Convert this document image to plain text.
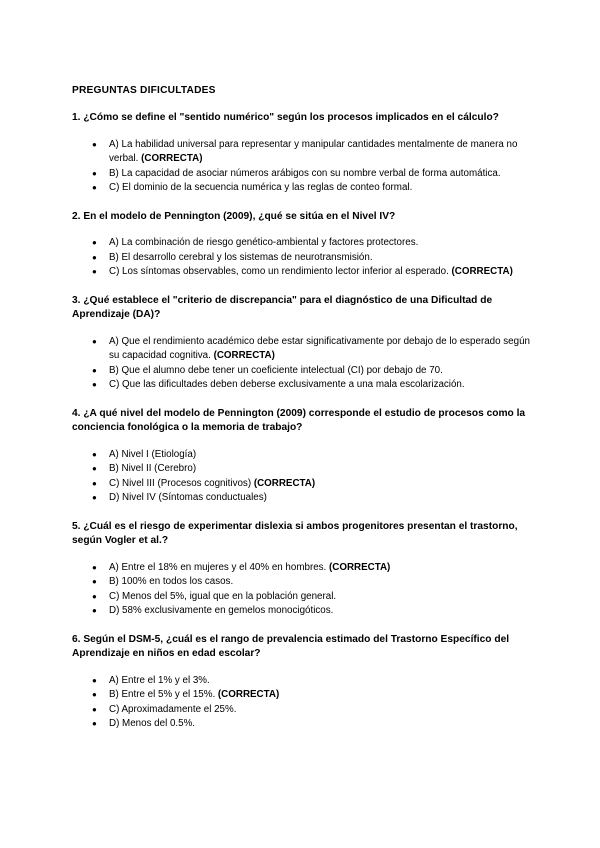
PREGUNTAS DIFICULTADES
1. ¿Cómo se define el "sentido numérico" según los procesos implicados en el cálculo?
● A) La habilidad universal para representar y manipular cantidades mentalmente de manera no verbal. (CORRECTA)
● B) La capacidad de asociar números arábigos con su nombre verbal de forma automática.
● C) El dominio de la secuencia numérica y las reglas de conteo formal.
2. En el modelo de Pennington (2009), ¿qué se sitúa en el Nivel IV?
● A) La combinación de riesgo genético-ambiental y factores protectores.
● B) El desarrollo cerebral y los sistemas de neurotransmisión.
● C) Los síntomas observables, como un rendimiento lector inferior al esperado. (CORRECTA)
3. ¿Qué establece el "criterio de discrepancia" para el diagnóstico de una Dificultad de Aprendizaje (DA)?
● A) Que el rendimiento académico debe estar significativamente por debajo de lo esperado según su capacidad cognitiva. (CORRECTA)
● B) Que el alumno debe tener un coeficiente intelectual (CI) por debajo de 70.
● C) Que las dificultades deben deberse exclusivamente a una mala escolarización.
4. ¿A qué nivel del modelo de Pennington (2009) corresponde el estudio de procesos como la conciencia fonológica o la memoria de trabajo?
● A) Nivel I (Etiología)
● B) Nivel II (Cerebro)
● C) Nivel III (Procesos cognitivos) (CORRECTA)
● D) Nivel IV (Síntomas conductuales)
5. ¿Cuál es el riesgo de experimentar dislexia si ambos progenitores presentan el trastorno, según Vogler et al.?
● A) Entre el 18% en mujeres y el 40% en hombres. (CORRECTA)
● B) 100% en todos los casos.
● C) Menos del 5%, igual que en la población general.
● D) 58% exclusivamente en gemelos monocigóticos.
6. Según el DSM-5, ¿cuál es el rango de prevalencia estimado del Trastorno Específico del Aprendizaje en niños en edad escolar?
● A) Entre el 1% y el 3%.
● B) Entre el 5% y el 15%. (CORRECTA)
● C) Aproximadamente el 25%.
● D) Menos del 0.5%.
